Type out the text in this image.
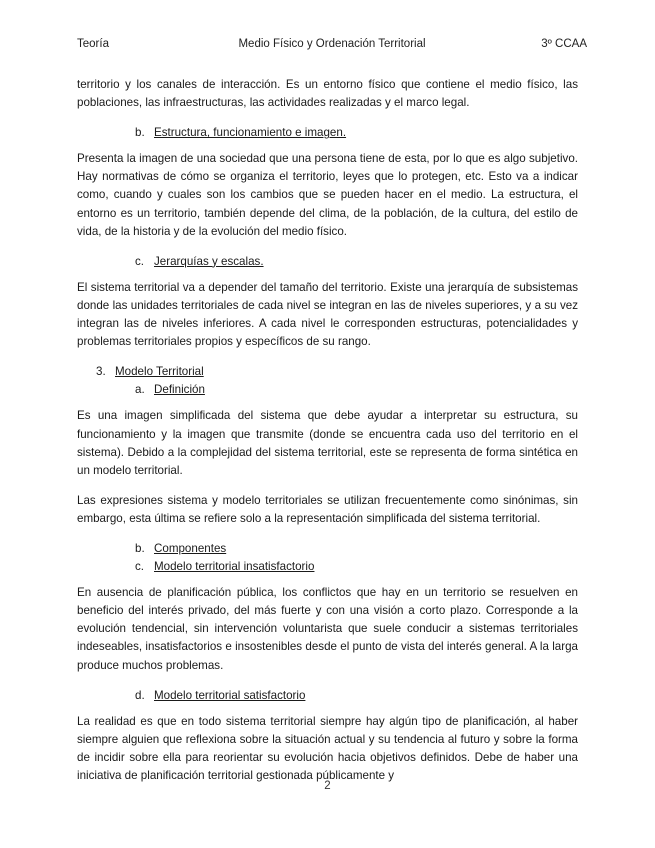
Teoría	Medio Físico y Ordenación Territorial	3º CCAA

territorio y los canales de interacción. Es un entorno físico que contiene el medio físico, las poblaciones, las infraestructuras, las actividades realizadas y el marco legal.

b. Estructura, funcionamiento e imagen.

Presenta la imagen de una sociedad que una persona tiene de esta, por lo que es algo subjetivo. Hay normativas de cómo se organiza el territorio, leyes que lo protegen, etc. Esto va a indicar como, cuando y cuales son los cambios que se pueden hacer en el medio. La estructura, el entorno es un territorio, también depende del clima, de la población, de la cultura, del estilo de vida, de la historia y de la evolución del medio físico.

c. Jerarquías y escalas.

El sistema territorial va a depender del tamaño del territorio. Existe una jerarquía de subsistemas donde las unidades territoriales de cada nivel se integran en las de niveles superiores, y a su vez integran las de niveles inferiores. A cada nivel le corresponden estructuras, potencialidades y problemas territoriales propios y específicos de su rango.

3. Modelo Territorial
a. Definición

Es una imagen simplificada del sistema que debe ayudar a interpretar su estructura, su funcionamiento y la imagen que transmite (donde se encuentra cada uso del territorio en el sistema). Debido a la complejidad del sistema territorial, este se representa de forma sintética en un modelo territorial.

Las expresiones sistema y modelo territoriales se utilizan frecuentemente como sinónimas, sin embargo, esta última se refiere solo a la representación simplificada del sistema territorial.

b. Componentes
c. Modelo territorial insatisfactorio

En ausencia de planificación pública, los conflictos que hay en un territorio se resuelven en beneficio del interés privado, del más fuerte y con una visión a corto plazo. Corresponde a la evolución tendencial, sin intervención voluntarista que suele conducir a sistemas territoriales indeseables, insatisfactorios e insostenibles desde el punto de vista del interés general. A la larga produce muchos problemas.

d. Modelo territorial satisfactorio

La realidad es que en todo sistema territorial siempre hay algún tipo de planificación, al haber siempre alguien que reflexiona sobre la situación actual y su tendencia al futuro y sobre la forma de incidir sobre ella para reorientar su evolución hacia objetivos definidos. Debe de haber una iniciativa de planificación territorial gestionada públicamente y

2
